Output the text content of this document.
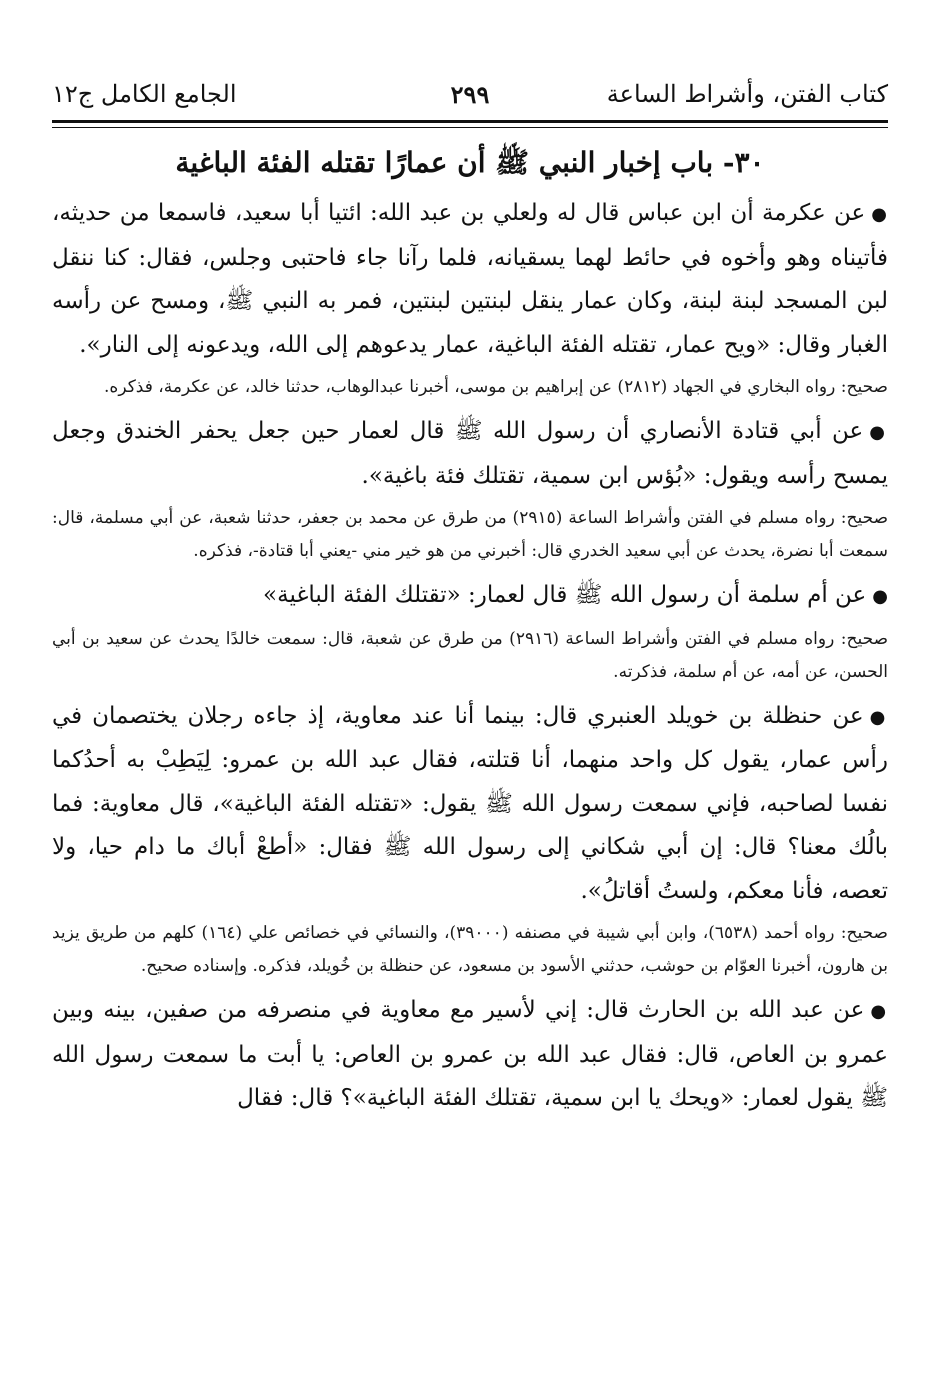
كتاب الفتن، وأشراط الساعة
٢٩٩
الجامع الكامل ج١٢
٣٠- باب إخبار النبي ﷺ أن عمارًا تقتله الفئة الباغية

●عن عكرمة أن ابن عباس قال له ولعلي بن عبد الله: ائتيا أبا سعيد، فاسمعا من حديثه، فأتيناه وهو وأخوه في حائط لهما يسقيانه، فلما رآنا جاء فاحتبى وجلس، فقال: كنا ننقل لبن المسجد لبنة لبنة، وكان عمار ينقل لبنتين لبنتين، فمر به النبي ﷺ، ومسح عن رأسه الغبار وقال: «ويح عمار، تقتله الفئة الباغية، عمار يدعوهم إلى الله، ويدعونه إلى النار».

صحيح: رواه البخاري في الجهاد (٢٨١٢) عن إبراهيم بن موسى، أخبرنا عبدالوهاب، حدثنا خالد، عن عكرمة، فذكره.

●عن أبي قتادة الأنصاري أن رسول الله ﷺ قال لعمار حين جعل يحفر الخندق وجعل يمسح رأسه ويقول: «بُؤس ابن سمية، تقتلك فئة باغية».

صحيح: رواه مسلم في الفتن وأشراط الساعة (٢٩١٥) من طرق عن محمد بن جعفر، حدثنا شعبة، عن أبي مسلمة، قال: سمعت أبا نضرة، يحدث عن أبي سعيد الخدري قال: أخبرني من هو خير مني -يعني أبا قتادة-، فذكره.

●عن أم سلمة أن رسول الله ﷺ قال لعمار: «تقتلك الفئة الباغية»

صحيح: رواه مسلم في الفتن وأشراط الساعة (٢٩١٦) من طرق عن شعبة، قال: سمعت خالدًا يحدث عن سعيد بن أبي الحسن، عن أمه، عن أم سلمة، فذكرته.

●عن حنظلة بن خويلد العنبري قال: بينما أنا عند معاوية، إذ جاءه رجلان يختصمان في رأس عمار، يقول كل واحد منهما، أنا قتلته، فقال عبد الله بن عمرو: لِيَطِبْ به أحدُكما نفسا لصاحبه، فإني سمعت رسول الله ﷺ يقول: «تقتله الفئة الباغية»، قال معاوية: فما بالُك معنا؟ قال: إن أبي شكاني إلى رسول الله ﷺ فقال: «أطعْ أباك ما دام حيا، ولا تعصه، فأنا معكم، ولستُ أقاتلُ».

صحيح: رواه أحمد (٦٥٣٨)، وابن أبي شيبة في مصنفه (٣٩٠٠٠)، والنسائي في خصائص علي (١٦٤) كلهم من طريق يزيد بن هارون، أخبرنا العوّام بن حوشب، حدثني الأسود بن مسعود، عن حنظلة بن خُويلد، فذكره. وإسناده صحيح.

●عن عبد الله بن الحارث قال: إني لأسير مع معاوية في منصرفه من صفين، بينه وبين عمرو بن العاص، قال: فقال عبد الله بن عمرو بن العاص: يا أبت ما سمعت رسول الله ﷺ يقول لعمار: «ويحك يا ابن سمية، تقتلك الفئة الباغية»؟ قال: فقال
